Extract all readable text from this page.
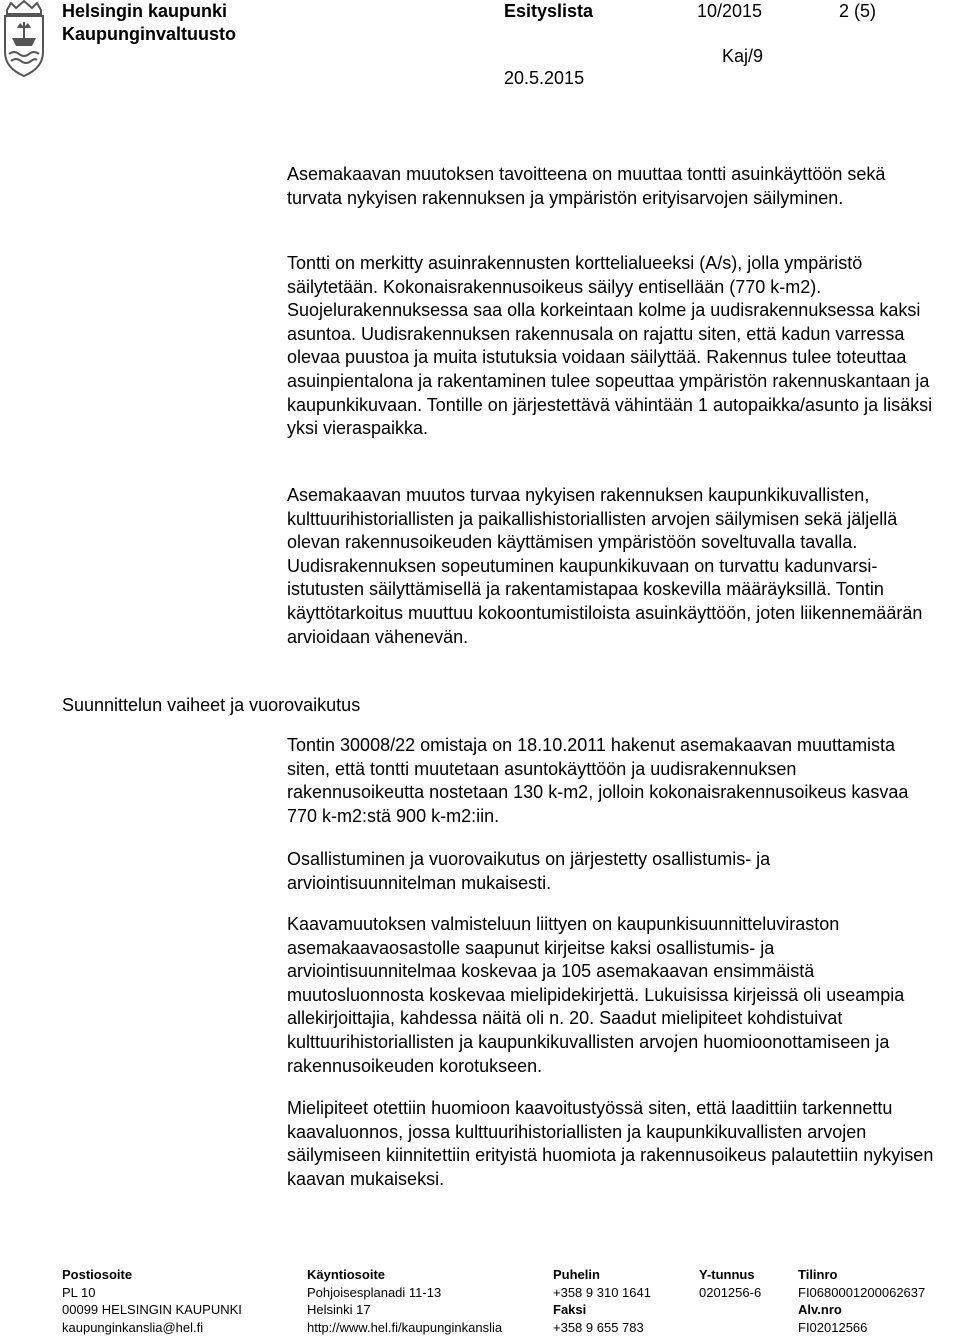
Helsingin kaupunki
Kaupunginvaltuusto
Esityslista	10/2015	2 (5)
Kaj/9
20.5.2015
Suunnittelun vaiheet ja vuorovaikutus

Asemakaavan muutoksen tavoitteena on muuttaa tontti asuinkäyttöön sekä turvata nykyisen rakennuksen ja ympäristön erityisarvojen säilyminen.

Tontti on merkitty asuinrakennusten korttelialueeksi (A/s), jolla ympäristö säilytetään. Kokonaisrakennusoikeus säilyy entisellään (770 k-m2). Suojelurakennuksessa saa olla korkeintaan kolme ja uudisrakennuksessa kaksi asuntoa. Uudisrakennuksen rakennusala on rajattu siten, että kadun varressa olevaa puustoa ja muita istutuksia voidaan säilyttää. Rakennus tulee toteuttaa asuinpientalona ja rakentaminen tulee sopeuttaa ympäristön rakennuskantaan ja kaupunkikuvaan. Tontille on järjestettävä vähintään 1 autopaikka/asunto ja lisäksi yksi vieraspaikka.

Asemakaavan muutos turvaa nykyisen rakennuksen kaupunkikuvallisten, kulttuurihistoriallisten ja paikallishistoriallisten arvojen säilymisen sekä jäljellä olevan rakennusoikeuden käyttämisen ympäristöön soveltuvalla tavalla. Uudisrakennuksen sopeutuminen kaupunkikuvaan on turvattu kadunvarsi-istutusten säilyttämisellä ja rakentamistapaa koskevilla määräyksillä. Tontin käyttötarkoitus muuttuu kokoontumistiloista asuinkäyttöön, joten liikennemäärän arvioidaan vähenevän.

Tontin 30008/22 omistaja on 18.10.2011 hakenut asemakaavan muuttamista siten, että tontti muutetaan asuntokäyttöön ja uudisrakennuksen rakennusoikeutta nostetaan 130 k-m2, jolloin kokonaisrakennusoikeus kasvaa 770 k-m2:stä 900 k-m2:iin.

Osallistuminen ja vuorovaikutus on järjestetty osallistumis- ja arviointisuunnitelman mukaisesti.

Kaavamuutoksen valmisteluun liittyen on kaupunkisuunnitteluviraston asemakaavaosastolle saapunut kirjeitse kaksi osallistumis- ja arviointisuunnitelmaa koskevaa ja 105 asemakaavan ensimmäistä muutosluonnosta koskevaa mielipidekirjettä. Lukuisissa kirjeissä oli useampia allekirjoittajia, kahdessa näitä oli n. 20. Saadut mielipiteet kohdistuivat kulttuurihistoriallisten ja kaupunkikuvallisten arvojen huomioonottamiseen ja rakennusoikeuden korotukseen.

Mielipiteet otettiin huomioon kaavoitustyössä siten, että laadittiin tarkennettu kaavaluonnos, jossa kulttuurihistoriallisten ja kaupunkikuvallisten arvojen säilymiseen kiinnitettiin erityistä huomiota ja rakennusoikeus palautettiin nykyisen kaavan mukaiseksi.

Postiosoite
PL 10
00099 HELSINGIN KAUPUNKI
kaupunginkanslia@hel.fi
Käyntiosoite
Pohjoisesplanadi 11-13
Helsinki 17
http://www.hel.fi/kaupunginkanslia
Puhelin
+358 9 310 1641
Faksi
+358 9 655 783
Y-tunnus
0201256-6
Tilinro
FI0680001200062637
Alv.nro
FI02012566
